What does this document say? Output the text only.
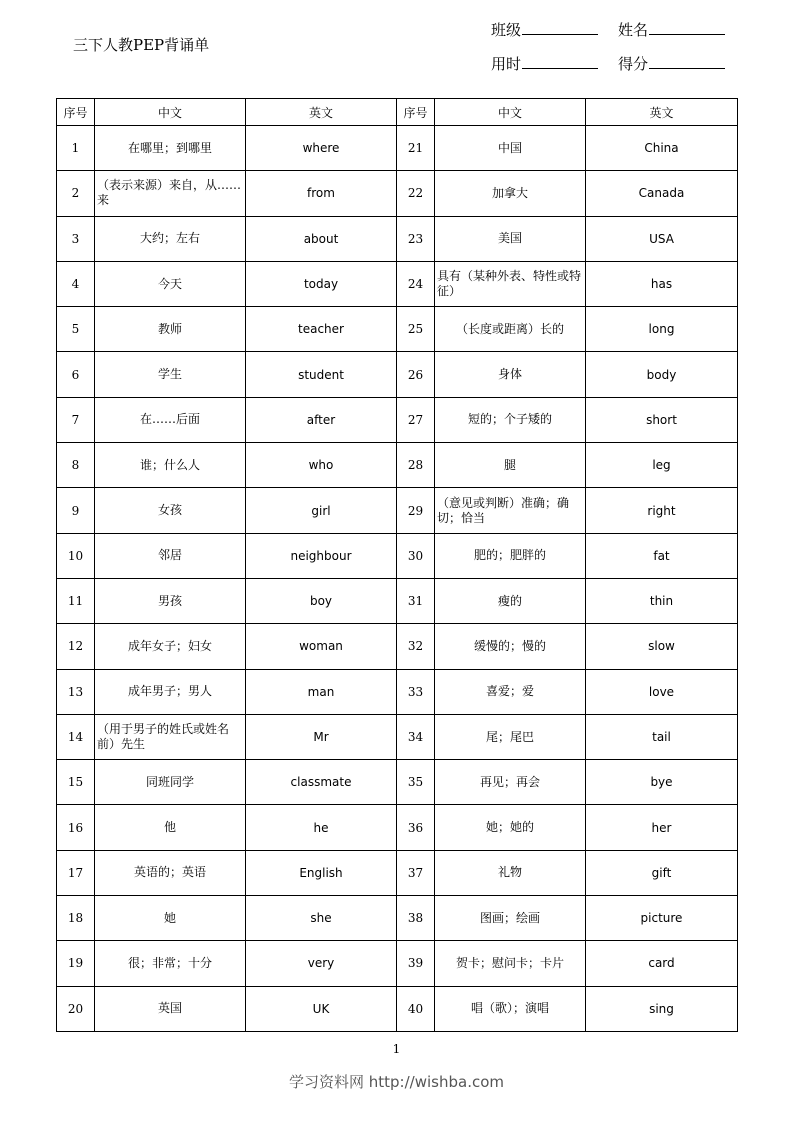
三下人教PEP背诵单
班级	姓名
用时	得分
序号	中文	英文	序号	中文	英文
1	在哪里；到哪里	where	21	中国	China
2	（表示来源）来自，从……来	from	22	加拿大	Canada
3	大约；左右	about	23	美国	USA
4	今天	today	24	具有（某种外表、特性或特征）	has
5	教师	teacher	25	（长度或距离）长的	long
6	学生	student	26	身体	body
7	在……后面	after	27	短的；个子矮的	short
8	谁；什么人	who	28	腿	leg
9	女孩	girl	29	（意见或判断）准确；确切；恰当	right
10	邻居	neighbour	30	肥的；肥胖的	fat
11	男孩	boy	31	瘦的	thin
12	成年女子；妇女	woman	32	缓慢的；慢的	slow
13	成年男子；男人	man	33	喜爱；爱	love
14	（用于男子的姓氏或姓名前）先生	Mr	34	尾；尾巴	tail
15	同班同学	classmate	35	再见；再会	bye
16	他	he	36	她；她的	her
17	英语的；英语	English	37	礼物	gift
18	她	she	38	图画；绘画	picture
19	很；非常；十分	very	39	贺卡；慰问卡；卡片	card
20	英国	UK	40	唱（歌）；演唱	sing
1
学习资料网 http://wishba.com
